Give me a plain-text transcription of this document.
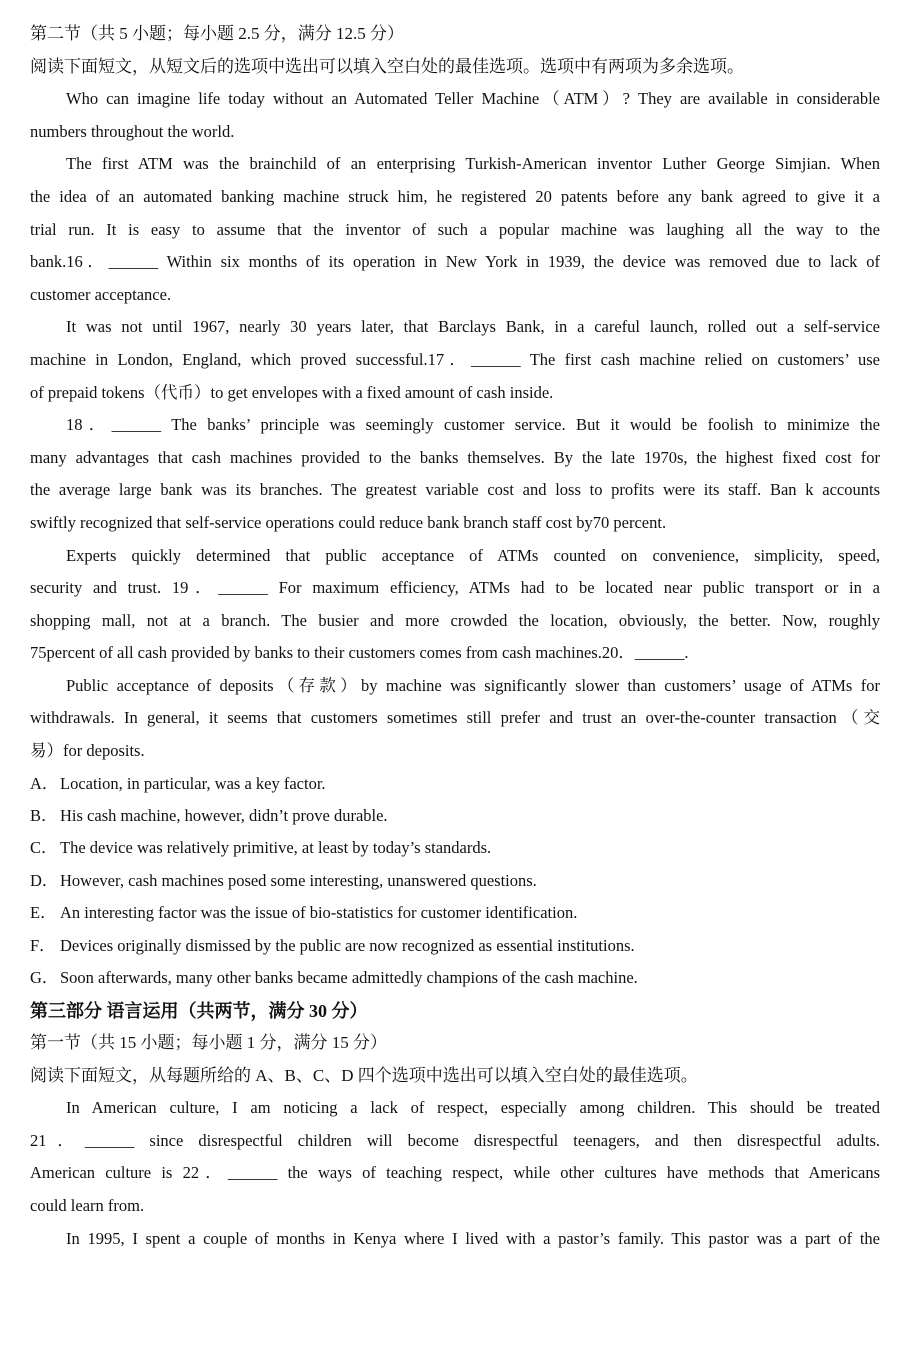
第二节（共 5 小题；每小题 2.5 分，满分 12.5 分）

阅读下面短文，从短文后的选项中选出可以填入空白处的最佳选项。选项中有两项为多余选项。

Who can imagine life today without an Automated Teller Machine（ATM）? They are available in considerable

numbers throughout the world.

The first ATM was the brainchild of an enterprising Turkish-American inventor Luther George Simjian. When

the idea of an automated banking machine struck him, he registered 20 patents before any bank agreed to give it a

trial run. It is easy to assume that the inventor of such a popular machine was laughing all the way to the

bank.16．______ Within six months of its operation in New York in 1939, the device was removed due to lack of

customer acceptance.

It was not until 1967, nearly 30 years later, that Barclays Bank, in a careful launch, rolled out a self-service

machine in London, England, which proved successful.17．______ The first cash machine relied on customers’ use

of prepaid tokens（代币）to get envelopes with a fixed amount of cash inside.

18．______ The banks’ principle was seemingly customer service. But it would be foolish to minimize the

many advantages that cash machines provided to the banks themselves. By the late 1970s, the highest fixed cost for

the average large bank was its branches. The greatest variable cost and loss to profits were its staff. Ban k accounts

swiftly recognized that self-service operations could reduce bank branch staff cost by70 percent.

Experts quickly determined that public acceptance of ATMs counted on convenience, simplicity, speed,

security and trust. 19．______ For maximum efficiency, ATMs had to be located near public transport or in a

shopping mall, not at a branch. The busier and more crowded the location, obviously, the better. Now, roughly

75percent of all cash provided by banks to their customers comes from cash machines.20．______.

Public acceptance of deposits（存款）by machine was significantly slower than customers’ usage of ATMs for

withdrawals. In general, it seems that customers sometimes still prefer and trust an over-the-counter transaction（交

易）for deposits.

A．Location, in particular, was a key factor.

B． His cash machine, however, didn’t prove durable.

C． The device was relatively primitive, at least by today’s standards.

D．However, cash machines posed some interesting, unanswered questions.

E． An interesting factor was the issue of bio-statistics for customer identification.

F． Devices originally dismissed by the public are now recognized as essential institutions.

G．Soon afterwards, many other banks became admittedly champions of the cash machine.

第三部分 语言运用（共两节，满分 30 分）

第一节（共 15 小题；每小题 1 分，满分 15 分）

阅读下面短文，从每题所给的 A、B、C、D 四个选项中选出可以填入空白处的最佳选项。

In American culture, I am noticing a lack of respect, especially among children. This should be treated

21．______ since disrespectful children will become disrespectful teenagers, and then disrespectful adults.

American culture is 22．______ the ways of teaching respect, while other cultures have methods that Americans

could learn from.

In 1995, I spent a couple of months in Kenya where I lived with a pastor’s family. This pastor was a part of the
